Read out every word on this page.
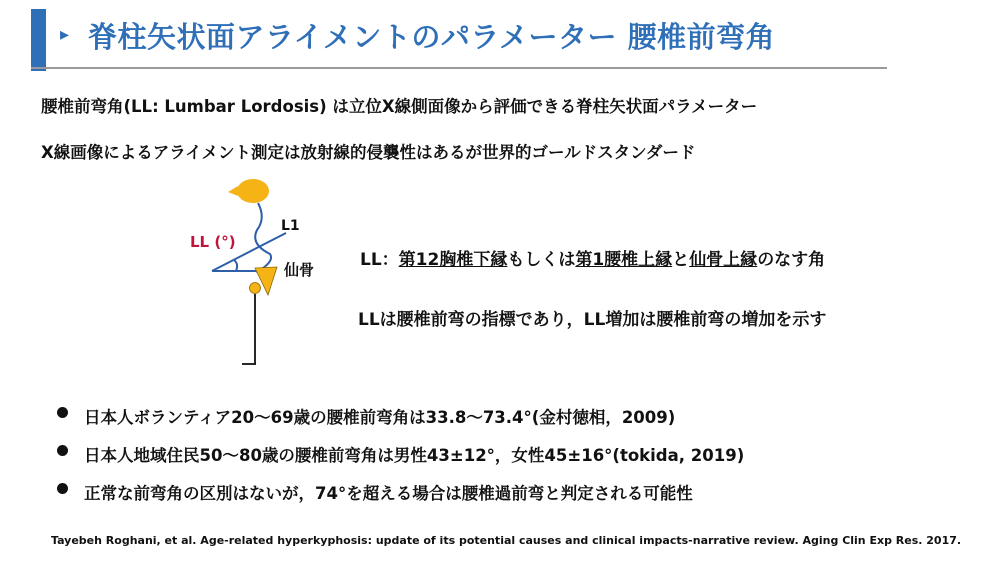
▸ 脊柱矢状面アライメントのパラメーター 腰椎前弯角
腰椎前弯角(LL: Lumbar Lordosis) は立位X線側面像から評価できる脊柱矢状面パラメーター
X線画像によるアライメント測定は放射線的侵襲性はあるが世界的ゴールドスタンダード
LL (°)
L1
仙骨	LL：第12胸椎下縁もしくは第1腰椎上縁と仙骨上縁のなす角
LLは腰椎前弯の指標であり，LL増加は腰椎前弯の増加を示す
日本人ボランティア20～69歳の腰椎前弯角は33.8～73.4°(金村徳相，2009)
日本人地域住民50～80歳の腰椎前弯角は男性43±12°，女性45±16°(tokida, 2019)
正常な前弯角の区別はないが，74°を超える場合は腰椎過前弯と判定される可能性
Tayebeh Roghani, et al. Age-related hyperkyphosis: update of its potential causes and clinical impacts-narrative review. Aging Clin Exp Res. 2017.
